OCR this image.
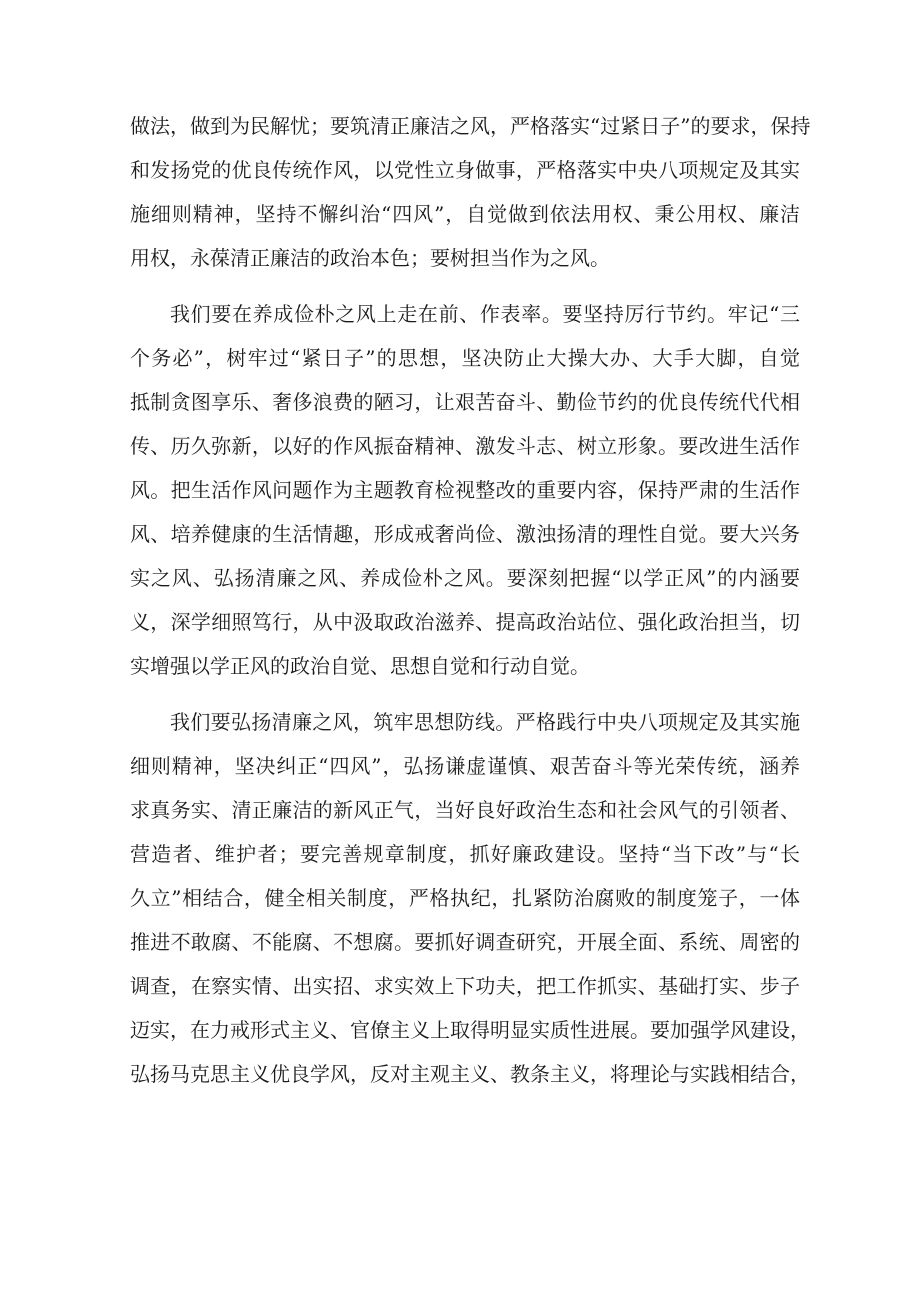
做法，做到为民解忧；要筑清正廉洁之风，严格落实“过紧日子”的要求，保持
和发扬党的优良传统作风，以党性立身做事，严格落实中央八项规定及其实
施细则精神，坚持不懈纠治“四风”，自觉做到依法用权、秉公用权、廉洁
用权，永葆清正廉洁的政治本色；要树担当作为之风。
我们要在养成俭朴之风上走在前、作表率。要坚持厉行节约。牢记“三
个务必”，树牢过“紧日子”的思想，坚决防止大操大办、大手大脚，自觉
抵制贪图享乐、奢侈浪费的陋习，让艰苦奋斗、勤俭节约的优良传统代代相
传、历久弥新，以好的作风振奋精神、激发斗志、树立形象。要改进生活作
风。把生活作风问题作为主题教育检视整改的重要内容，保持严肃的生活作
风、培养健康的生活情趣，形成戒奢尚俭、激浊扬清的理性自觉。要大兴务
实之风、弘扬清廉之风、养成俭朴之风。要深刻把握“以学正风”的内涵要
义，深学细照笃行，从中汲取政治滋养、提高政治站位、强化政治担当，切
实增强以学正风的政治自觉、思想自觉和行动自觉。
我们要弘扬清廉之风，筑牢思想防线。严格践行中央八项规定及其实施
细则精神，坚决纠正“四风”，弘扬谦虚谨慎、艰苦奋斗等光荣传统，涵养
求真务实、清正廉洁的新风正气，当好良好政治生态和社会风气的引领者、
营造者、维护者；要完善规章制度，抓好廉政建设。坚持“当下改”与“长
久立”相结合，健全相关制度，严格执纪，扎紧防治腐败的制度笼子，一体
推进不敢腐、不能腐、不想腐。要抓好调查研究，开展全面、系统、周密的
调查，在察实情、出实招、求实效上下功夫，把工作抓实、基础打实、步子
迈实，在力戒形式主义、官僚主义上取得明显实质性进展。要加强学风建设，
弘扬马克思主义优良学风，反对主观主义、教条主义，将理论与实践相结合，
